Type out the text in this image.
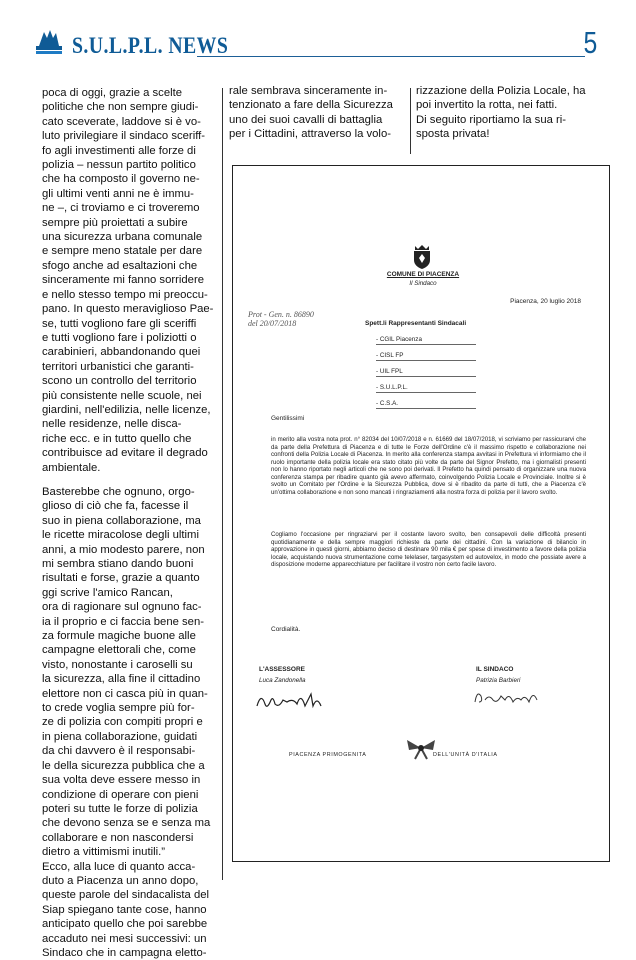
S.U.L.P.L. NEWS	5

poca di oggi, grazie a scelte
politiche che non sempre giudi-
cato sceverate, laddove si è vo-
luto privilegiare il sindaco sceriff-
fo agli investimenti alle forze di
polizia – nessun partito politico
che ha composto il governo ne-
gli ultimi venti anni ne è immu-
ne –, ci troviamo e ci troveremo
sempre più proiettati a subire
una sicurezza urbana comunale
e sempre meno statale per dare
sfogo anche ad esaltazioni che
sinceramente mi fanno sorridere
e nello stesso tempo mi preoccu-
pano. In questo meraviglioso Pae-
se, tutti vogliono fare gli sceriffi
e tutti vogliono fare i poliziotti o
carabinieri, abbandonando quei
territori urbanistici che garanti-
scono un controllo del territorio
più consistente nelle scuole, nei
giardini, nell'edilizia, nelle licenze,
nelle residenze, nelle disca-
riche ecc. e in tutto quello che
contribuisce ad evitare il degrado
ambientale.

Basterebbe che ognuno, orgo-
glioso di ciò che fa, facesse il
suo in piena collaborazione, ma
le ricette miracolose degli ultimi
anni, a mio modesto parere, non
mi sembra stiano dando buoni
risultati e forse, grazie a quanto
ggi scrive l'amico Rancan,
ora di ragionare sul ognuno fac-
ia il proprio e ci faccia bene sen-
za formule magiche buone alle
campagne elettorali che, come
visto, nonostante i caroselli su
la sicurezza, alla fine il cittadino
elettore non ci casca più in quan-
to crede voglia sempre più for-
ze di polizia con compiti propri e
in piena collaborazione, guidati
da chi davvero è il responsabi-
le della sicurezza pubblica che a
sua volta deve essere messo in
condizione di operare con pieni
poteri su tutte le forze di polizia
che devono senza se e senza ma
collaborare e non nascondersi
dietro a vittimismi inutili.”
Ecco, alla luce di quanto acca-
duto a Piacenza un anno dopo,
queste parole del sindacalista del
Siap spiegano tante cose, hanno
anticipato quello che poi sarebbe
accaduto nei mesi successivi: un
Sindaco che in campagna eletto-

rale sembrava sinceramente in-
tenzionato a fare della Sicurezza
uno dei suoi cavalli di battaglia
per i Cittadini, attraverso la volo-

rizzazione della Polizia Locale, ha
poi invertito la rotta, nei fatti.
Di seguito riportiamo la sua ri-
sposta privata!

COMUNE DI PIACENZA
Il Sindaco
Piacenza, 20 luglio 2018
Prot - Gen. n. 86890
del 20/07/2018	Spett.li Rappresentanti Sindacali
- CGIL Piacenza
- CISL FP
- UIL FPL
- S.U.L.P.L.
- C.S.A.
Gentilissimi
in merito alla vostra nota prot. n° 82034 del 10/07/2018 e n. 61669 del 18/07/2018, vi scriviamo per rassicurarvi che da parte della Prefettura di Piacenza e di tutte le Forze dell'Ordine c'è il massimo rispetto e collaborazione nei confronti della Polizia Locale di Piacenza. In merito alla conferenza stampa avvitasi in Prefettura vi informiamo che il ruolo importante della polizia locale era stato citato più volte da parte del Signor Prefetto, ma i giornalisti presenti non lo hanno riportato negli articoli che ne sono poi derivati. Il Prefetto ha quindi pensato di organizzare una nuova conferenza stampa per ribadire quanto già avevo affermato, coinvolgendo Polizia Locale e Provinciale. Inoltre si è svolto un Comitato per l'Ordine e la Sicurezza Pubblica, dove si è ribadito da parte di tutti, che a Piacenza c'è un'ottima collaborazione e non sono mancati i ringraziamenti alla nostra forza di polizia per il lavoro svolto.
Cogliamo l'occasione per ringraziarvi per il costante lavoro svolto, ben consapevoli delle difficoltà presenti quotidianamente e della sempre maggiori richieste da parte dei cittadini. Con la variazione di bilancio in approvazione in questi giorni, abbiamo deciso di destinare 90 mila € per spese di investimento a favore della polizia locale, acquistando nuova strumentazione come telelaser, targasystem ed autovelox, in modo che possiate avere a disposizione moderne apparecchiature per facilitare il vostro non certo facile lavoro.
Cordialità.
L'ASSESSORE
Luca Zandonella
IL SINDACO
Patrizia Barbieri
PIACENZA PRIMOGENITA	DELL'UNITÀ D'ITALIA
